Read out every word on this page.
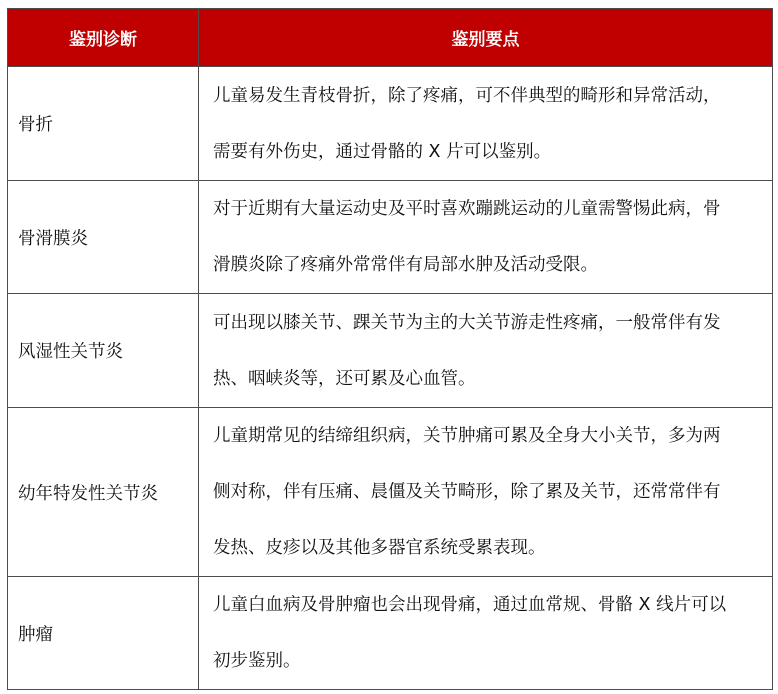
鉴别诊断	鉴别要点
骨折	儿童易发生青枝骨折，除了疼痛，可不伴典型的畸形和异常活动，
需要有外伤史，通过骨骼的 X 片可以鉴别。

骨滑膜炎	对于近期有大量运动史及平时喜欢蹦跳运动的儿童需警惕此病，骨
滑膜炎除了疼痛外常常伴有局部水肿及活动受限。

风湿性关节炎	可出现以膝关节、踝关节为主的大关节游走性疼痛，一般常伴有发
热、咽峡炎等，还可累及心血管。

幼年特发性关节炎	儿童期常见的结缔组织病，关节肿痛可累及全身大小关节，多为两
侧对称，伴有压痛、晨僵及关节畸形，除了累及关节，还常常伴有
发热、皮疹以及其他多器官系统受累表现。

肿瘤	儿童白血病及骨肿瘤也会出现骨痛，通过血常规、骨骼 X 线片可以
初步鉴别。
